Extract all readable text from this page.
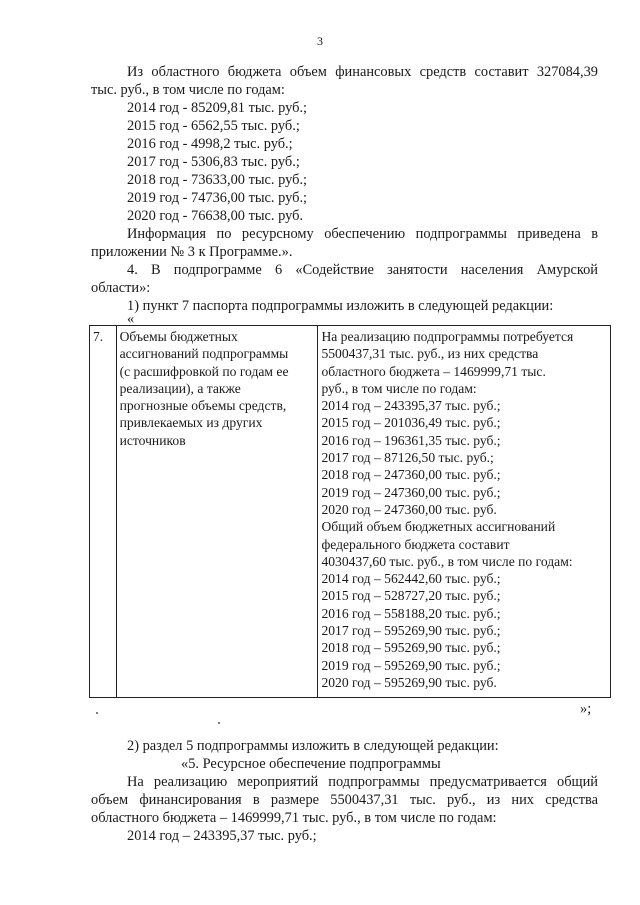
3
Из областного бюджета объем финансовых средств составит 327084,39
тыс. руб., в том числе по годам:
2014 год - 85209,81 тыс. руб.;
2015 год - 6562,55 тыс. руб.;
2016 год - 4998,2 тыс. руб.;
2017 год - 5306,83 тыс. руб.;
2018 год - 73633,00 тыс. руб.;
2019 год - 74736,00 тыс. руб.;
2020 год - 76638,00 тыс. руб.
Информация по ресурсному обеспечению подпрограммы приведена в
приложении № 3 к Программе.».
4. В подпрограмме 6 «Содействие занятости населения Амурской
области»:
1) пункт 7 паспорта подпрограммы изложить в следующей редакции:
«
7.	Объемы бюджетных
ассигнований подпрограммы
(с расшифровкой по годам ее
реализации), а также
прогнозные объемы средств,
привлекаемых из других
источников

На реализацию подпрограммы потребуется
5500437,31 тыс. руб., из них средства
областного бюджета – 1469999,71 тыс.
руб., в том числе по годам:
2014 год – 243395,37 тыс. руб.;
2015 год – 201036,49 тыс. руб.;
2016 год – 196361,35 тыс. руб.;
2017 год – 87126,50 тыс. руб.;
2018 год – 247360,00 тыс. руб.;
2019 год – 247360,00 тыс. руб.;
2020 год – 247360,00 тыс. руб.
Общий объем бюджетных ассигнований
федерального бюджета составит
4030437,60 тыс. руб., в том числе по годам:
2014 год – 562442,60 тыс. руб.;
2015 год – 528727,20 тыс. руб.;
2016 год – 558188,20 тыс. руб.;
2017 год – 595269,90 тыс. руб.;
2018 год – 595269,90 тыс. руб.;
2019 год – 595269,90 тыс. руб.;
2020 год – 595269,90 тыс. руб.
»;
2) раздел 5 подпрограммы изложить в следующей редакции:
«5. Ресурсное обеспечение подпрограммы
На реализацию мероприятий подпрограммы предусматривается общий
объем финансирования в размере 5500437,31 тыс. руб., из них средства
областного бюджета – 1469999,71 тыс. руб., в том числе по годам:
2014 год – 243395,37 тыс. руб.;
